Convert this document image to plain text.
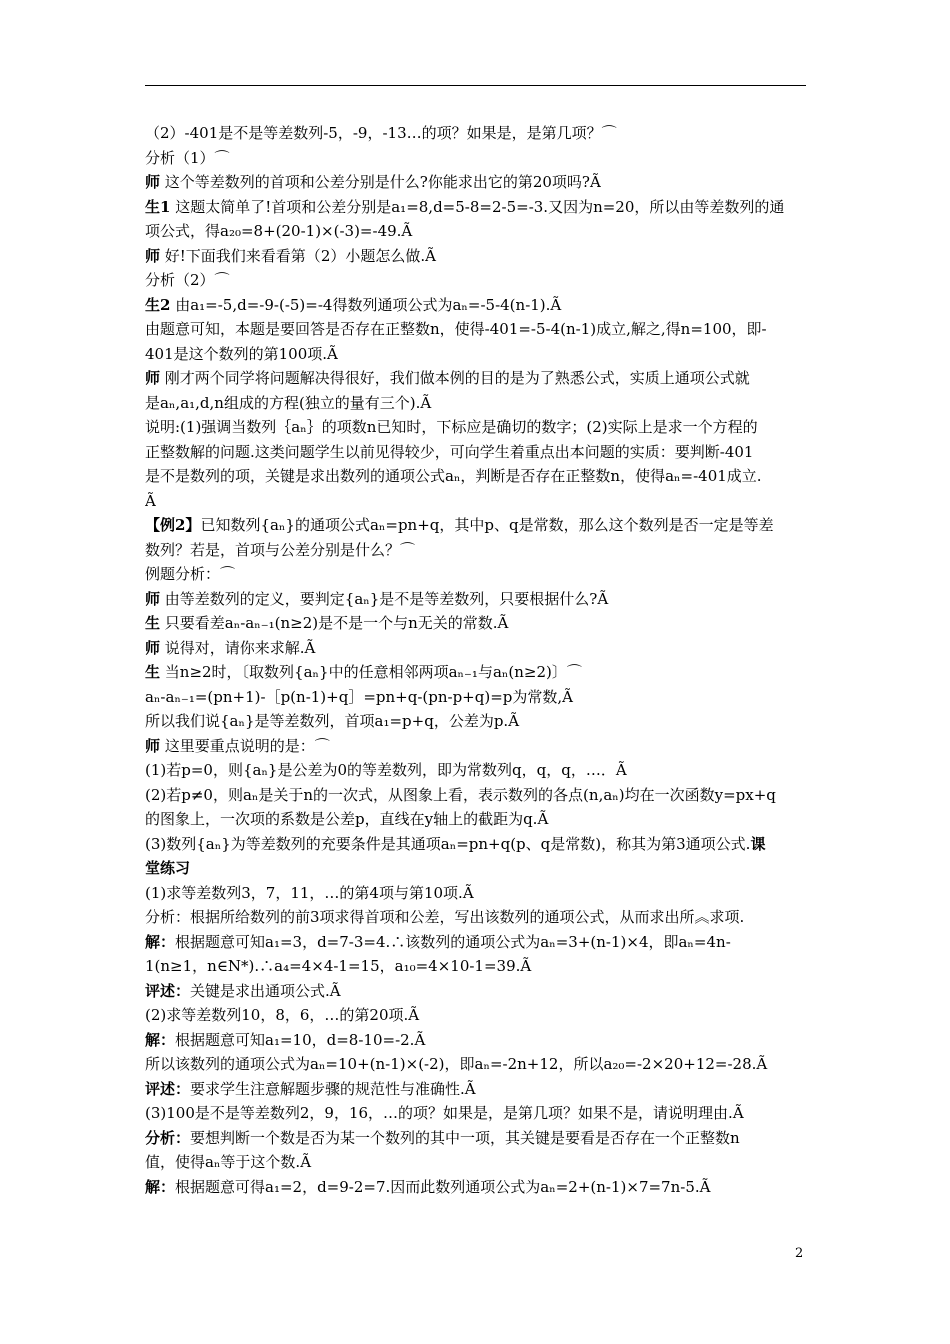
（2）-401是不是等差数列-5，-9，-13…的项？如果是，是第几项？⌒
分析（1）⌒
师 这个等差数列的首项和公差分别是什么?你能求出它的第20项吗?Ã
生1 这题太简单了!首项和公差分别是a₁=8,d=5-8=2-5=-3.又因为n=20，所以由等差数列的通
项公式，得a₂₀=8+(20-1)×(-3)=-49.Ã
师 好!下面我们来看看第（2）小题怎么做.Ã
分析（2）⌒
生2 由a₁=-5,d=-9-(-5)=-4得数列通项公式为aₙ=-5-4(n-1).Ã
由题意可知，本题是要回答是否存在正整数n，使得-401=-5-4(n-1)成立,解之,得n=100，即-
401是这个数列的第100项.Ã
师 刚才两个同学将问题解决得很好，我们做本例的目的是为了熟悉公式，实质上通项公式就
是aₙ,a₁,d,n组成的方程(独立的量有三个).Ã
说明:(1)强调当数列｛aₙ｝的项数n已知时，下标应是确切的数字；(2)实际上是求一个方程的
正整数解的问题.这类问题学生以前见得较少，可向学生着重点出本问题的实质：要判断-401
是不是数列的项，关键是求出数列的通项公式aₙ，判断是否存在正整数n，使得aₙ=-401成立.
Ã
【例2】已知数列{aₙ}的通项公式aₙ=pn+q，其中p、q是常数，那么这个数列是否一定是等差
数列？若是，首项与公差分别是什么？⌒
例题分析：⌒
师 由等差数列的定义，要判定{aₙ}是不是等差数列，只要根据什么?Ã
生 只要看差aₙ-aₙ₋₁(n≥2)是不是一个与n无关的常数.Ã
师 说得对，请你来求解.Ã
生 当n≥2时，〔取数列{aₙ}中的任意相邻两项aₙ₋₁与aₙ(n≥2)〕⌒
aₙ-aₙ₋₁=(pn+1)-［p(n-1)+q］=pn+q-(pn-p+q)=p为常数,Ã
所以我们说{aₙ}是等差数列，首项a₁=p+q，公差为p.Ã
师 这里要重点说明的是：⌒
(1)若p=0，则{aₙ}是公差为0的等差数列，即为常数列q，q，q，…．Ã
(2)若p≠0，则aₙ是关于n的一次式，从图象上看，表示数列的各点(n,aₙ)均在一次函数y=px+q
的图象上，一次项的系数是公差p，直线在y轴上的截距为q.Ã
(3)数列{aₙ}为等差数列的充要条件是其通项aₙ=pn+q(p、q是常数)，称其为第3通项公式.课
堂练习
(1)求等差数列3，7，11，…的第4项与第10项.Ã
分析：根据所给数列的前3项求得首项和公差，写出该数列的通项公式，从而求出所︽求项.
解：根据题意可知a₁=3，d=7-3=4.∴该数列的通项公式为aₙ=3+(n-1)×4，即aₙ=4n-
1(n≥1，n∈N*).∴a₄=4×4-1=15，a₁₀=4×10-1=39.Ã
评述：关键是求出通项公式.Ã
(2)求等差数列10，8，6，…的第20项.Ã
解：根据题意可知a₁=10，d=8-10=-2.Ã
所以该数列的通项公式为aₙ=10+(n-1)×(-2)，即aₙ=-2n+12，所以a₂₀=-2×20+12=-28.Ã
评述：要求学生注意解题步骤的规范性与准确性.Ã
(3)100是不是等差数列2，9，16，…的项？如果是，是第几项？如果不是，请说明理由.Ã
分析：要想判断一个数是否为某一个数列的其中一项，其关键是要看是否存在一个正整数n
值，使得aₙ等于这个数.Ã
解：根据题意可得a₁=2，d=9-2=7.因而此数列通项公式为aₙ=2+(n-1)×7=7n-5.Ã
2
